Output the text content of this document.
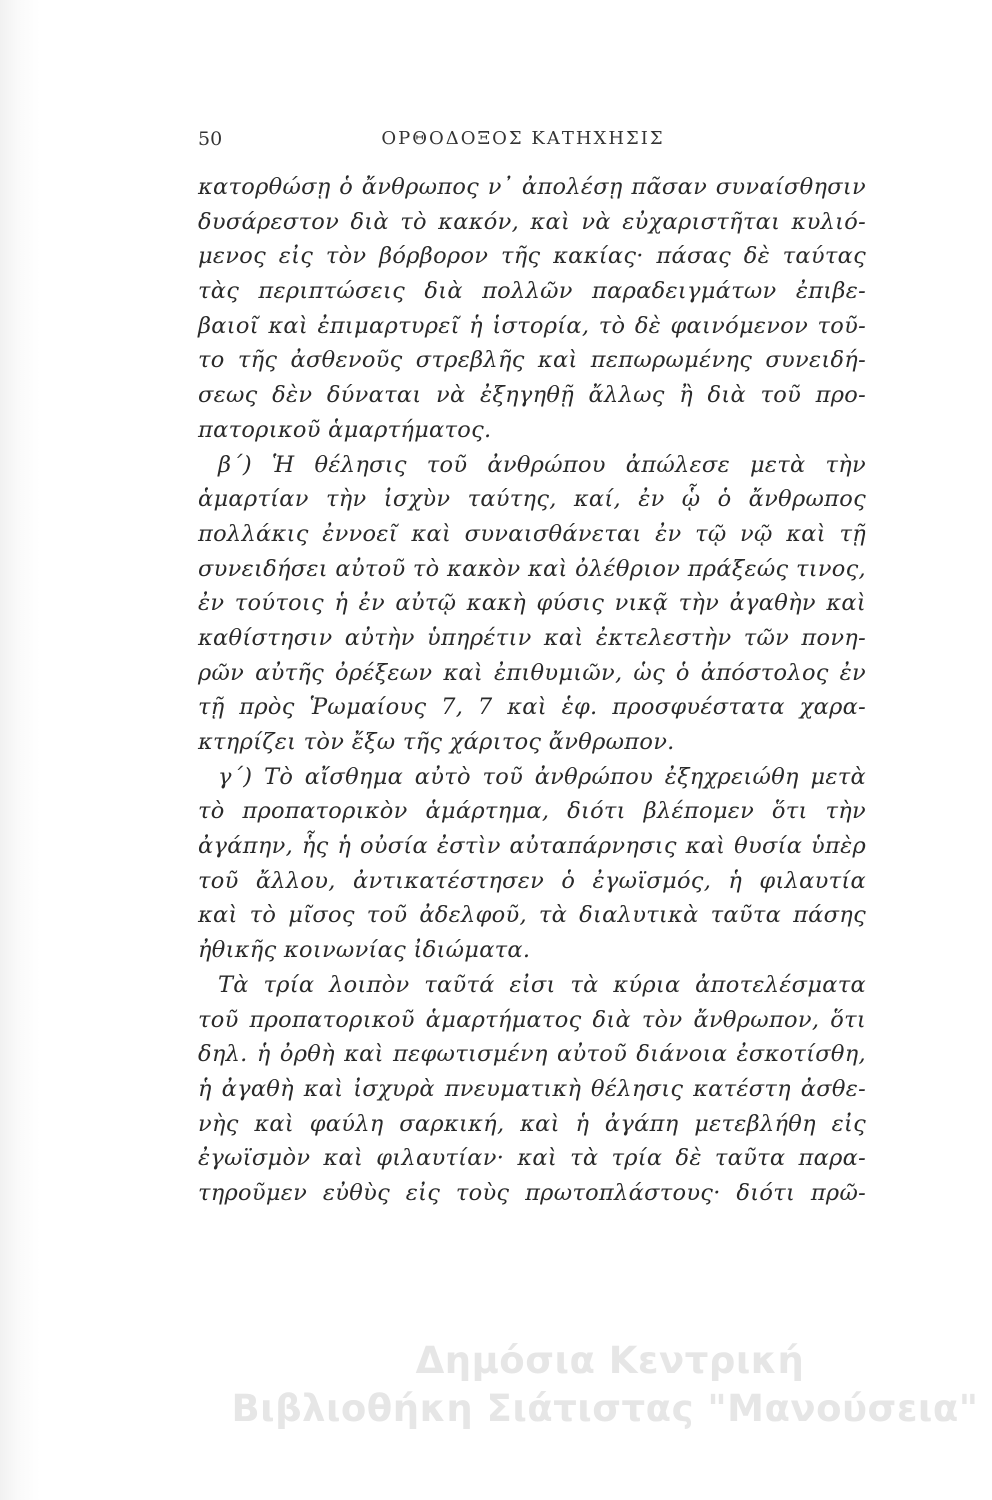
50	ΟΡΘΟΔΟΞΟΣ ΚΑΤΗΧΗΣΙΣ
κατορθώσῃ ὁ ἄνθρωπος ν᾽ ἀπολέσῃ πᾶσαν συναίσθησιν
δυσάρεστον διὰ τὸ κακόν, καὶ νὰ εὐχαριστῆται κυλιό-
μενος εἰς τὸν βόρβορον τῆς κακίας· πάσας δὲ ταύτας
τὰς περιπτώσεις διὰ πολλῶν παραδειγμάτων ἐπιβε-
βαιοῖ καὶ ἐπιμαρτυρεῖ ἡ ἱστορία, τὸ δὲ φαινόμενον τοῦ-
το τῆς ἀσθενοῦς στρεβλῆς καὶ πεπωρωμένης συνειδή-
σεως δὲν δύναται νὰ ἐξηγηθῇ ἄλλως ἢ διὰ τοῦ προ-
πατορικοῦ ἁμαρτήματος.
β΄) Ἡ θέλησις τοῦ ἀνθρώπου ἀπώλεσε μετὰ τὴν
ἁμαρτίαν τὴν ἰσχὺν ταύτης, καί, ἐν ᾧ ὁ ἄνθρωπος
πολλάκις ἐννοεῖ καὶ συναισθάνεται ἐν τῷ νῷ καὶ τῇ
συνειδήσει αὐτοῦ τὸ κακὸν καὶ ὀλέθριον πράξεώς τινος,
ἐν τούτοις ἡ ἐν αὐτῷ κακὴ φύσις νικᾷ τὴν ἀγαθὴν καὶ
καθίστησιν αὐτὴν ὑπηρέτιν καὶ ἐκτελεστὴν τῶν πονη-
ρῶν αὐτῆς ὀρέξεων καὶ ἐπιθυμιῶν, ὡς ὁ ἀπόστολος ἐν
τῇ πρὸς Ῥωμαίους 7, 7 καὶ ἑφ. προσφυέστατα χαρα-
κτηρίζει τὸν ἔξω τῆς χάριτος ἄνθρωπον.
γ΄) Τὸ αἴσθημα αὐτὸ τοῦ ἀνθρώπου ἐξηχρειώθη μετὰ
τὸ προπατορικὸν ἁμάρτημα, διότι βλέπομεν ὅτι τὴν
ἀγάπην, ἧς ἡ οὐσία ἐστὶν αὐταπάρνησις καὶ θυσία ὑπὲρ
τοῦ ἄλλου, ἀντικατέστησεν ὁ ἐγωϊσμός, ἡ φιλαυτία
καὶ τὸ μῖσος τοῦ ἀδελφοῦ, τὰ διαλυτικὰ ταῦτα πάσης
ἠθικῆς κοινωνίας ἰδιώματα.
Τὰ τρία λοιπὸν ταῦτά εἰσι τὰ κύρια ἀποτελέσματα
τοῦ προπατορικοῦ ἁμαρτήματος διὰ τὸν ἄνθρωπον, ὅτι
δηλ. ἡ ὀρθὴ καὶ πεφωτισμένη αὐτοῦ διάνοια ἐσκοτίσθη,
ἡ ἀγαθὴ καὶ ἰσχυρὰ πνευματικὴ θέλησις κατέστη ἀσθε-
νὴς καὶ φαύλη σαρκική, καὶ ἡ ἀγάπη μετεβλήθη εἰς
ἐγωϊσμὸν καὶ φιλαυτίαν· καὶ τὰ τρία δὲ ταῦτα παρα-
τηροῦμεν εὐθὺς εἰς τοὺς πρωτοπλάστους· διότι πρῶ-
Δημόσια Κεντρική
Βιβλιοθήκη Σιάτιστας "Μανούσεια"
